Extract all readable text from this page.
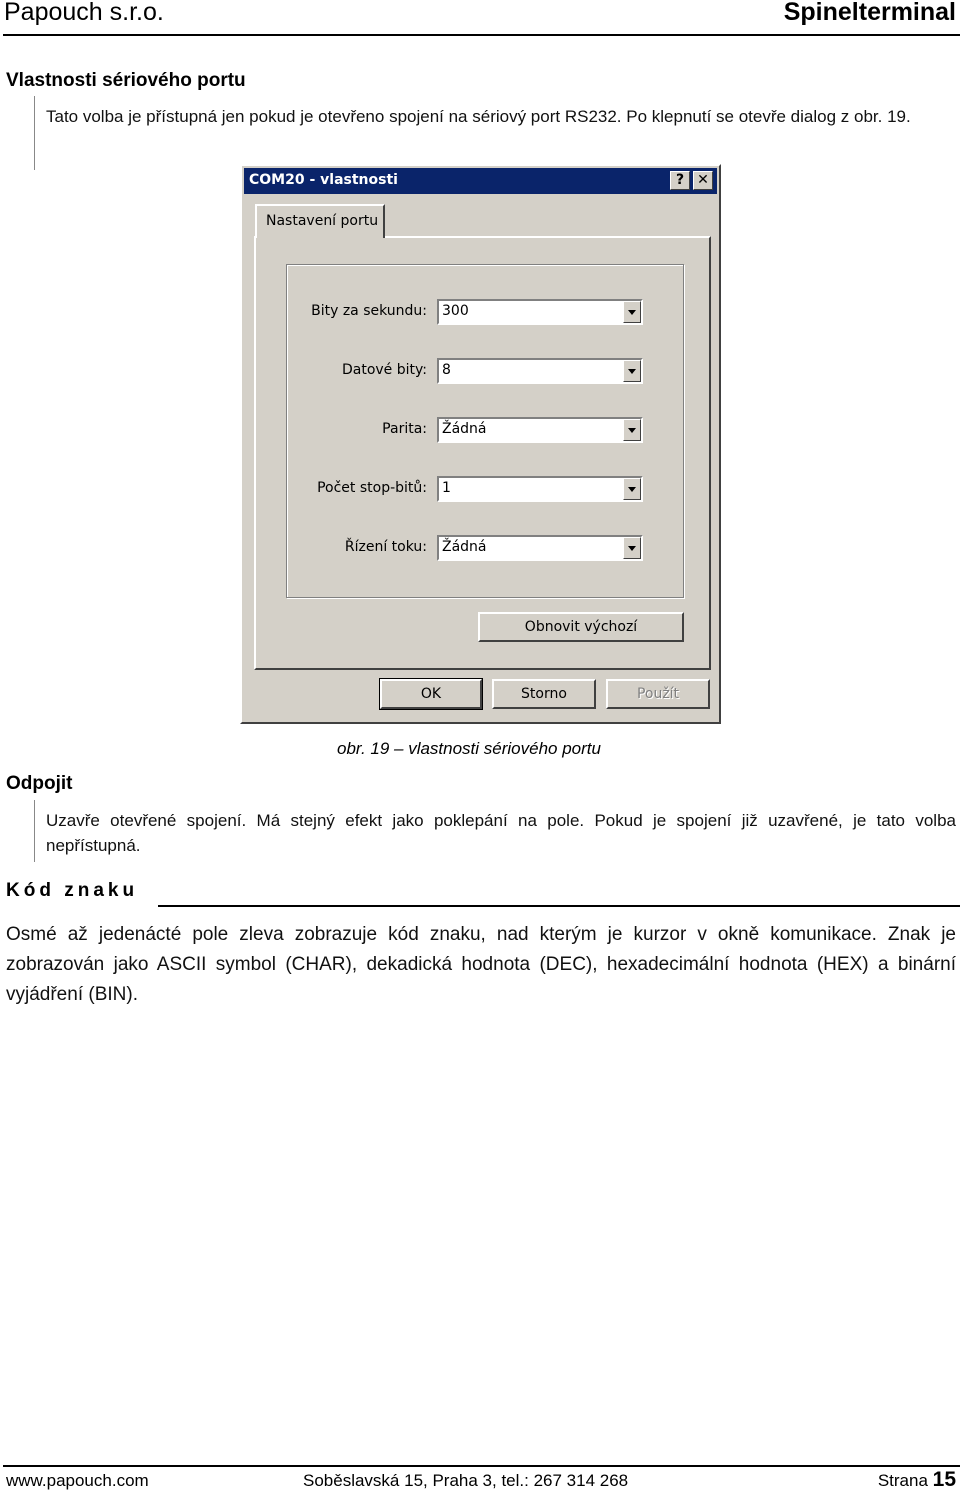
Papouch s.r.o.	Spinelterminal
Vlastnosti sériového portu
Tato volba je přístupná jen pokud je otevřeno spojení na sériový port RS232. Po klepnutí se otevře dialog z obr. 19.
COM20 - vlastnosti	? ✕
Nastavení portu
Bity za sekundu: 300
Datové bity: 8
Parita: Žádná
Počet stop-bitů: 1
Řízení toku: Žádná
Obnovit výchozí
OK	Storno	Použít
obr. 19 – vlastnosti sériového portu
Odpojit
Uzavře otevřené spojení. Má stejný efekt jako poklepání na pole. Pokud je spojení již uzavřené, je tato volba nepřístupná.
Kód znaku
Osmé až jedenácté pole zleva zobrazuje kód znaku, nad kterým je kurzor v okně komunikace. Znak je zobrazován jako ASCII symbol (CHAR), dekadická hodnota (DEC), hexadecimální hodnota (HEX) a binární vyjádření (BIN).
www.papouch.com	Soběslavská 15, Praha 3, tel.: 267 314 268	Strana 15
